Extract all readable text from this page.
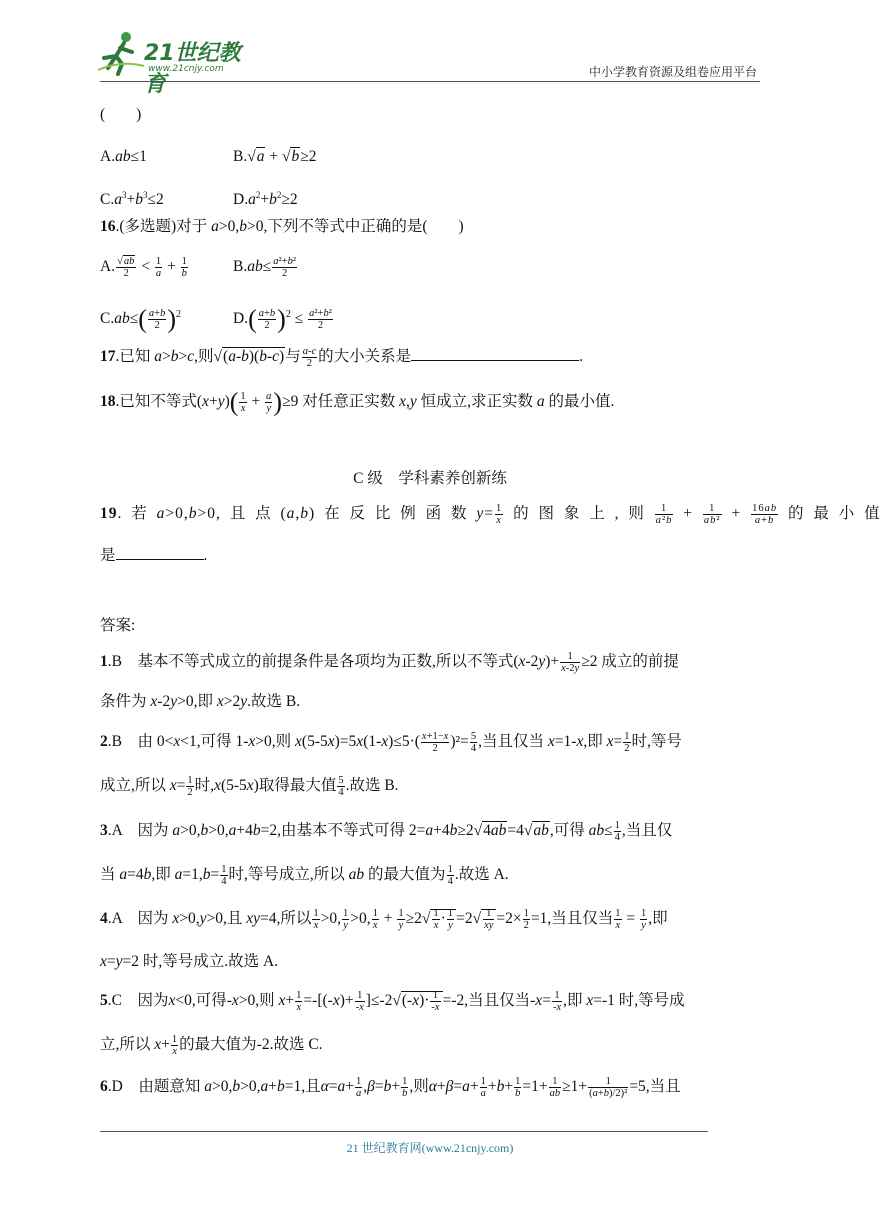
21世纪教育
www.21cnjy.com	中小学教育资源及组卷应用平台
(　　)
A.ab≤1	B.√a + √b≥2
$C.a^3+b^3\le 2$	$D.a^2+b^2\ge 2$
16.(多选题)对于 a>0,b>0,下列不等式中正确的是(　　)
A. $\frac{√ab}{2} < \frac{1}{a} + \frac{1}{b}$	$B.ab\le \frac{\text{a²+b²}}{2}$
$C.ab\le( \frac{a+b}{2} )^2$	$D.( \frac{a+b}{2} )^2 \le \frac{\text{a²+b²}}{2}$
17.已知 a>b>c,则√(a-b)(b-c)与 $\frac{a-c}{2}$ 的大小关系是	.
18.已知不等式$(x+y)( \frac{1}{x} + \frac{a}{y} )\ge 9$ 对任意正实数 x,y 恒成立,求正实数 a 的最小值.
C 级　学科素养创新练
19. 若 a>0,b>0, 且 点 (a,b) 在 反 比 例 函 数 $y= \frac{1}{x}$ 的 图 象 上 , 则 $\frac{1}{\text{a²b}} + \frac{1}{\text{ab²}} + \frac{16ab}{a+b}$ 的 最 小 值
是	.
答案:
1.B　基本不等式成立的前提条件是各项均为正数,所以不等式$(x-2y)+ \frac{1}{x-2y} \ge 2$ 成立的前提
条件为 x-2y>0,即 x>2y.故选 B.
2.B　由 0<x<1,可得 1-x>0,则 $x(5-5x)=5x(1-x)\le 5\cdot( \frac{x+1-x}{2} )^2= \frac{5}{4}$ ,当且仅当 x=1-x,即 $x= \frac{1}{2}$ 时,等号
成立,所以 $x= \frac{1}{2}$ 时,x(5-5x)取得最大值 $\frac{5}{4}$ .故选 B.
3.A　因为 a>0,b>0,a+4b=2,由基本不等式可得 2=a+4b≥2√4ab=4√ab,可得 $ab\le \frac{1}{4}$ ,当且仅
当 a=4b,即 $a=1,b= \frac{1}{4}$ 时,等号成立,所以 ab 的最大值为 $\frac{1}{4}$ .故选 A.
4.A　因为 x>0,y>0,且 xy=4,所以 $\frac{1}{x} >0$, $\frac{1}{y} >0$, $\frac{1}{x} + \frac{1}{y} \ge 2√ \frac{1}{x} \cdot \frac{1}{y} =2√ \frac{1}{xy} =2\times \frac{1}{2} =1$,当且仅当 $\frac{1}{x} = \frac{1}{y}$ ,即
x=y=2 时,等号成立.故选 A.
5.C　因为x<0,可得-x>0,则 $x+ \frac{1}{x} =-[(-x)+ \frac{1}{-x} ]\le-2√(-x)\cdot \frac{1}{-x} =-2$,当且仅当$-x= \frac{1}{-x}$ ,即 x=-1 时,等号成
立,所以 $x+ \frac{1}{x}$ 的最大值为-2.故选 C.
6.D　由题意知 a>0,b>0,a+b=1,且$\alpha=a+ \frac{1}{a} ,\beta=b+ \frac{1}{b}$ ,则$\alpha+\beta=a+ \frac{1}{a} +b+ \frac{1}{b} =1+ \frac{1}{ab} \ge 1+ \frac{1}{\text{(a+b)/2)²}} =5$,当且
21 世纪教育网(www.21cnjy.com)
